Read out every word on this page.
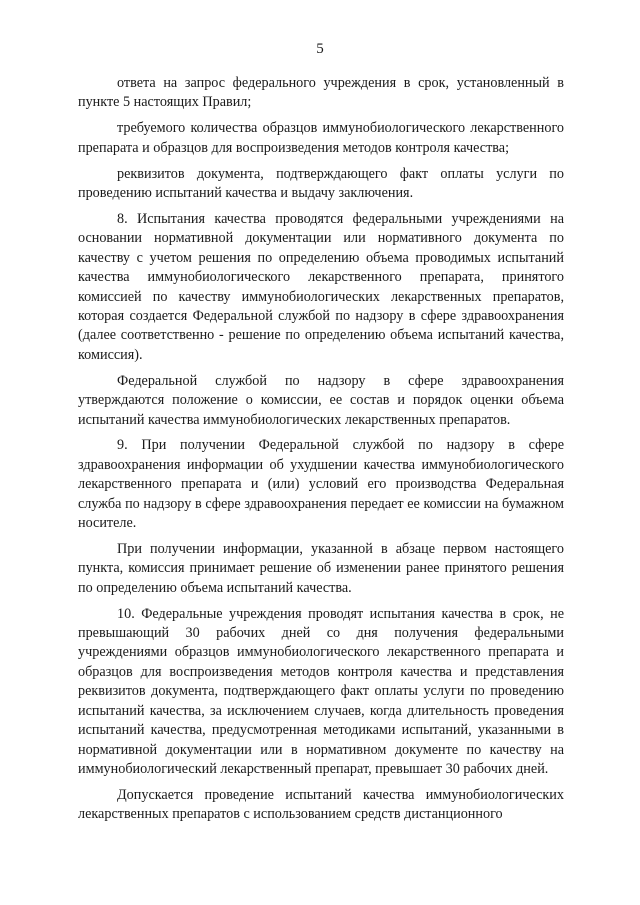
5

ответа на запрос федерального учреждения в срок, установленный в пункте 5 настоящих Правил;

требуемого количества образцов иммунобиологического лекарственного препарата и образцов для воспроизведения методов контроля качества;

реквизитов документа, подтверждающего факт оплаты услуги по проведению испытаний качества и выдачу заключения.

8. Испытания качества проводятся федеральными учреждениями на основании нормативной документации или нормативного документа по качеству с учетом решения по определению объема проводимых испытаний качества иммунобиологического лекарственного препарата, принятого комиссией по качеству иммунобиологических лекарственных препаратов, которая создается Федеральной службой по надзору в сфере здравоохранения (далее соответственно - решение по определению объема испытаний качества, комиссия).

Федеральной службой по надзору в сфере здравоохранения утверждаются положение о комиссии, ее состав и порядок оценки объема испытаний качества иммунобиологических лекарственных препаратов.

9. При получении Федеральной службой по надзору в сфере здравоохранения информации об ухудшении качества иммунобиологического лекарственного препарата и (или) условий его производства Федеральная служба по надзору в сфере здравоохранения передает ее комиссии на бумажном носителе.

При получении информации, указанной в абзаце первом настоящего пункта, комиссия принимает решение об изменении ранее принятого решения по определению объема испытаний качества.

10. Федеральные учреждения проводят испытания качества в срок, не превышающий 30 рабочих дней со дня получения федеральными учреждениями образцов иммунобиологического лекарственного препарата и образцов для воспроизведения методов контроля качества и представления реквизитов документа, подтверждающего факт оплаты услуги по проведению испытаний качества, за исключением случаев, когда длительность проведения испытаний качества, предусмотренная методиками испытаний, указанными в нормативной документации или в нормативном документе по качеству на иммунобиологический лекарственный препарат, превышает 30 рабочих дней.

Допускается проведение испытаний качества иммунобиологических лекарственных препаратов с использованием средств дистанционного
